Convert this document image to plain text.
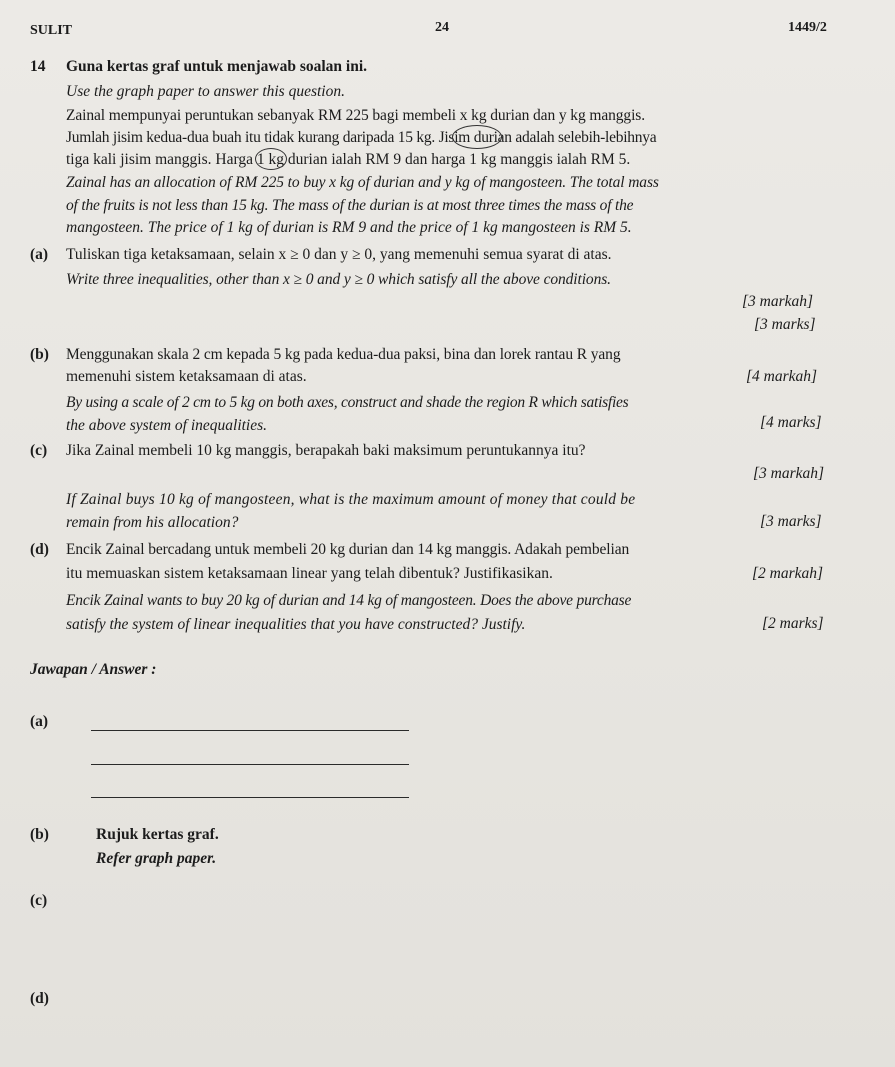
SULIT	24	1449/2
14 Guna kertas graf untuk menjawab soalan ini.
Use the graph paper to answer this question.
Zainal mempunyai peruntukan sebanyak RM 225 bagi membeli x kg durian dan y kg manggis.
Jumlah jisim kedua-dua buah itu tidak kurang daripada 15 kg. Jisim durian adalah selebih-lebihnya
tiga kali jisim manggis. Harga 1 kg durian ialah RM 9 dan harga 1 kg manggis ialah RM 5.
Zainal has an allocation of RM 225 to buy x kg of durian and y kg of mangosteen. The total mass
of the fruits is not less than 15 kg. The mass of the durian is at most three times the mass of the
mangosteen. The price of 1 kg of durian is RM 9 and the price of 1 kg mangosteen is RM 5.
(a) Tuliskan tiga ketaksamaan, selain x ≥ 0 dan y ≥ 0, yang memenuhi semua syarat di atas.
Write three inequalities, other than x ≥ 0 and y ≥ 0 which satisfy all the above conditions.
[3 markah]
[3 marks]
(b) Menggunakan skala 2 cm kepada 5 kg pada kedua-dua paksi, bina dan lorek rantau R yang
memenuhi sistem ketaksamaan di atas.	[4 markah]
By using a scale of 2 cm to 5 kg on both axes, construct and shade the region R which satisfies
the above system of inequalities.	[4 marks]
(c) Jika Zainal membeli 10 kg manggis, berapakah baki maksimum peruntukannya itu?
[3 markah]
If Zainal buys 10 kg of mangosteen, what is the maximum amount of money that could be
remain from his allocation?	[3 marks]
(d) Encik Zainal bercadang untuk membeli 20 kg durian dan 14 kg manggis. Adakah pembelian
itu memuaskan sistem ketaksamaan linear yang telah dibentuk? Justifikasikan.	[2 markah]
Encik Zainal wants to buy 20 kg of durian and 14 kg of mangosteen. Does the above purchase
satisfy the system of linear inequalities that you have constructed? Justify.	[2 marks]
Jawapan / Answer :
(a)
(b)	Rujuk kertas graf.
Refer graph paper.
(c)
(d)
